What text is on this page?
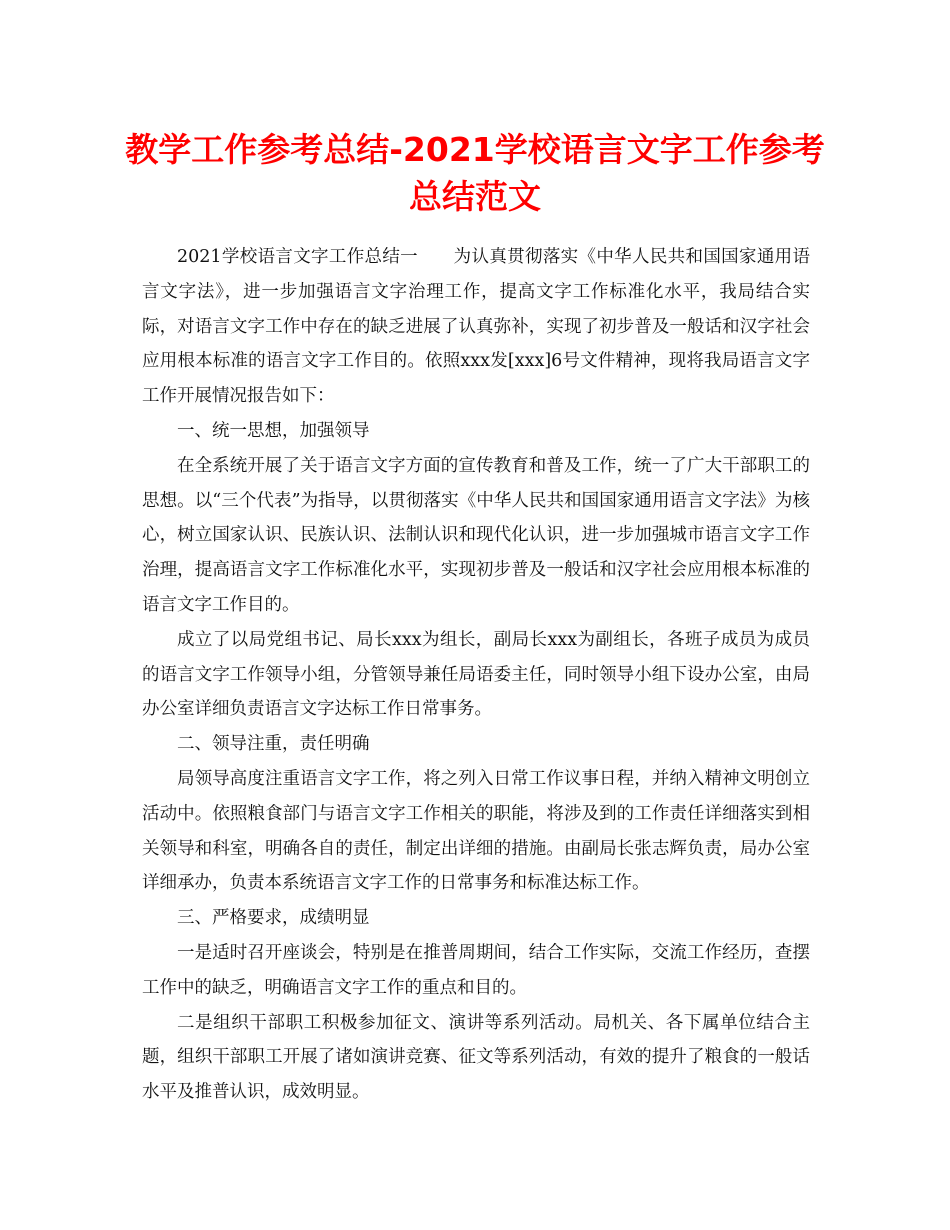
教学工作参考总结-2021学校语言文字工作参考总结范文

2021学校语言文字工作总结一　　为认真贯彻落实《中华人民共和国国家通用语言文字法》，进一步加强语言文字治理工作，提高文字工作标准化水平，我局结合实际，对语言文字工作中存在的缺乏进展了认真弥补，实现了初步普及一般话和汉字社会应用根本标准的语言文字工作目的。依照xxx发[xxx]6号文件精神，现将我局语言文字工作开展情况报告如下：

一、统一思想，加强领导

在全系统开展了关于语言文字方面的宣传教育和普及工作，统一了广大干部职工的思想。以“三个代表”为指导，以贯彻落实《中华人民共和国国家通用语言文字法》为核心，树立国家认识、民族认识、法制认识和现代化认识，进一步加强城市语言文字工作治理，提高语言文字工作标准化水平，实现初步普及一般话和汉字社会应用根本标准的语言文字工作目的。

成立了以局党组书记、局长xxx为组长，副局长xxx为副组长，各班子成员为成员的语言文字工作领导小组，分管领导兼任局语委主任，同时领导小组下设办公室，由局办公室详细负责语言文字达标工作日常事务。

二、领导注重，责任明确

局领导高度注重语言文字工作，将之列入日常工作议事日程，并纳入精神文明创立活动中。依照粮食部门与语言文字工作相关的职能，将涉及到的工作责任详细落实到相关领导和科室，明确各自的责任，制定出详细的措施。由副局长张志辉负责，局办公室详细承办，负责本系统语言文字工作的日常事务和标准达标工作。

三、严格要求，成绩明显

一是适时召开座谈会，特别是在推普周期间，结合工作实际，交流工作经历，查摆工作中的缺乏，明确语言文字工作的重点和目的。

二是组织干部职工积极参加征文、演讲等系列活动。局机关、各下属单位结合主题，组织干部职工开展了诸如演讲竞赛、征文等系列活动，有效的提升了粮食的一般话水平及推普认识，成效明显。
